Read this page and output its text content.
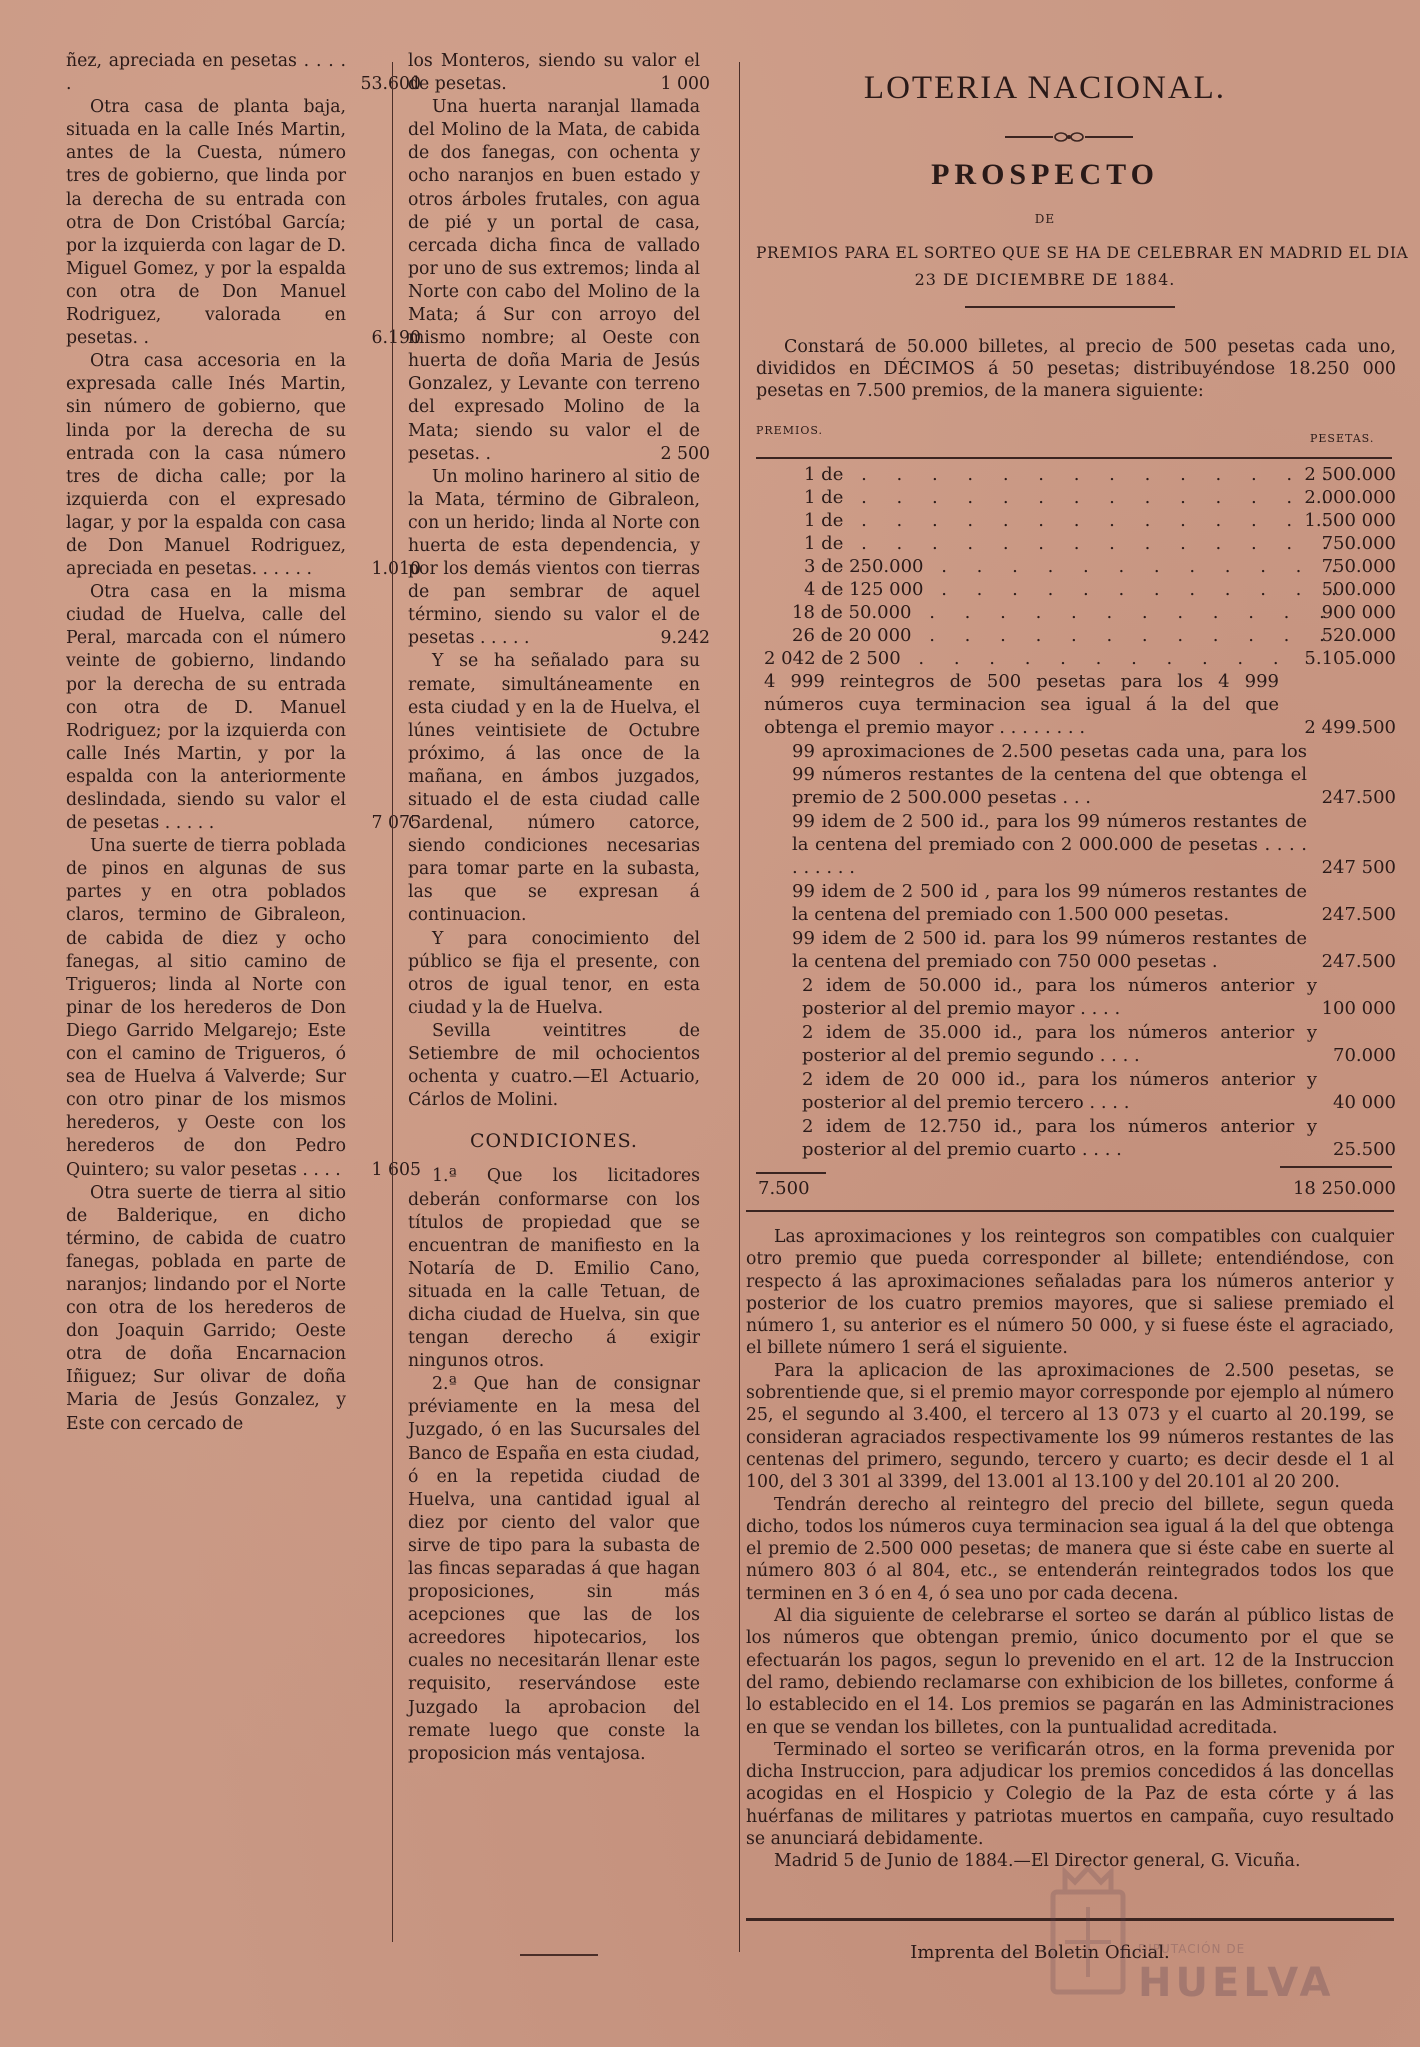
ñez, apreciada en pesetas . . . . .	53.600

Otra casa de planta baja, situada en la calle Inés Martin, antes de la Cuesta, número tres de gobierno, que linda por la derecha de su entrada con otra de Don Cristóbal García; por la izquierda con lagar de D. Miguel Gomez, y por la espalda con otra de Don Manuel Rodriguez, valorada en pesetas. .	6.190

Otra casa accesoria en la expresada calle Inés Martin, sin número de gobierno, que linda por la derecha de su entrada con la casa número tres de dicha calle; por la izquierda con el expresado lagar, y por la espalda con casa de Don Manuel Rodriguez, apreciada en pesetas. . . . . .	1.010

Otra casa en la misma ciudad de Huelva, calle del Peral, marcada con el número veinte de gobierno, lindando por la derecha de su entrada con otra de D. Manuel Rodriguez; por la izquierda con calle Inés Martin, y por la espalda con la anteriormente deslindada, siendo su valor el de pesetas . . . . .	7 075

Una suerte de tierra poblada de pinos en algunas de sus partes y en otra poblados claros, termino de Gibraleon, de cabida de diez y ocho fanegas, al sitio camino de Trigueros; linda al Norte con pinar de los herederos de Don Diego Garrido Melgarejo; Este con el camino de Trigueros, ó sea de Huelva á Valverde; Sur con otro pinar de los mismos herederos, y Oeste con los herederos de don Pedro Quintero; su valor pesetas . . . .	1 605

Otra suerte de tierra al sitio de Balderique, en dicho término, de cabida de cuatro fanegas, poblada en parte de naranjos; lindando por el Norte con otra de los herederos de don Joaquin Garrido; Oeste otra de doña Encarnacion Iñiguez; Sur olivar de doña Maria de Jesús Gonzalez, y Este con cercado de

los Monteros, siendo su valor el de pesetas.	1 000

Una huerta naranjal llamada del Molino de la Mata, de cabida de dos fanegas, con ochenta y ocho naranjos en buen estado y otros árboles frutales, con agua de pié y un portal de casa, cercada dicha finca de vallado por uno de sus extremos; linda al Norte con cabo del Molino de la Mata; á Sur con arroyo del mismo nombre; al Oeste con huerta de doña Maria de Jesús Gonzalez, y Levante con terreno del expresado Molino de la Mata; siendo su valor el de pesetas. .	2 500

Un molino harinero al sitio de la Mata, término de Gibraleon, con un herido; linda al Norte con huerta de esta dependencia, y por los demás vientos con tierras de pan sembrar de aquel término, siendo su valor el de pesetas . . . . .	9.242

Y se ha señalado para su remate, simultáneamente en esta ciudad y en la de Huelva, el lúnes veintisiete de Octubre próximo, á las once de la mañana, en ámbos juzgados, situado el de esta ciudad calle Cardenal, número catorce, siendo condiciones necesarias para tomar parte en la subasta, las que se expresan á continuacion.

Y para conocimiento del público se fija el presente, con otros de igual tenor, en esta ciudad y la de Huelva.

Sevilla veintitres de Setiembre de mil ochocientos ochenta y cuatro.—El Actuario, Cárlos de Molini.

CONDICIONES.

1.ª Que los licitadores deberán conformarse con los títulos de propiedad que se encuentran de manifiesto en la Notaría de D. Emilio Cano, situada en la calle Tetuan, de dicha ciudad de Huelva, sin que tengan derecho á exigir ningunos otros.

2.ª Que han de consignar préviamente en la mesa del Juzgado, ó en las Sucursales del Banco de España en esta ciudad, ó en la repetida ciudad de Huelva, una cantidad igual al diez por ciento del valor que sirve de tipo para la subasta de las fincas separadas á que hagan proposiciones, sin más acepciones que las de los acreedores hipotecarios, los cuales no necesitarán llenar este requisito, reservándose este Juzgado la aprobacion del remate luego que conste la proposicion más ventajosa.

LOTERIA NACIONAL.
PROSPECTO
DE
PREMIOS PARA EL SORTEO QUE SE HA DE CELEBRAR EN MADRID EL DIA
23 DE DICIEMBRE DE 1884.

Constará de 50.000 billetes, al precio de 500 pesetas cada uno, divididos en DÉCIMOS á 50 pesetas; distribuyéndose 18.250 000 pesetas en 7.500 premios, de la manera siguiente:

PREMIOS.
PESETAS.
1 de . . .	2 500.000
1 de . . .	2.000.000
1 de . . .	1.500 000
1 de . . .	750.000
3 de 250.000 . . .	750.000
4 de 125 000 . . .	500.000
18 de 50.000 . . .	900 000
26 de 20 000 . . .	520.000
2 042 de 2 500 . . .	5.105.000
4 999 reintegros de 500 pesetas para los 4 999 números cuya terminacion sea igual á la del que obtenga el premio mayor . . . . . . . .	2 499.500
99 aproximaciones de 2.500 pesetas cada una, para los 99 números restantes de la centena del que obtenga el premio de 2 500.000 pesetas . . .	247.500
99 idem de 2 500 id., para los 99 números restantes de la centena del premiado con 2 000.000 de pesetas . . . . . . . . . .	247 500
99 idem de 2 500 id , para los 99 números restantes de la centena del premiado con 1.500 000 pesetas.	247.500
99 idem de 2 500 id. para los 99 números restantes de la centena del premiado con 750 000 pesetas .	247.500
2 idem de 50.000 id., para los números anterior y posterior al del premio mayor . . . .	100 000
2 idem de 35.000 id., para los números anterior y posterior al del premio segundo . . . .	70.000
2 idem de 20 000 id., para los números anterior y posterior al del premio tercero . . . .	40 000
2 idem de 12.750 id., para los números anterior y posterior al del premio cuarto . . . .	25.500
7.500	18 250.000

Las aproximaciones y los reintegros son compatibles con cualquier otro premio que pueda corresponder al billete; entendiéndose, con respecto á las aproximaciones señaladas para los números anterior y posterior de los cuatro premios mayores, que si saliese premiado el número 1, su anterior es el número 50 000, y si fuese éste el agraciado, el billete número 1 será el siguiente.

Para la aplicacion de las aproximaciones de 2.500 pesetas, se sobrentiende que, si el premio mayor corresponde por ejemplo al número 25, el segundo al 3.400, el tercero al 13 073 y el cuarto al 20.199, se consideran agraciados respectivamente los 99 números restantes de las centenas del primero, segundo, tercero y cuarto; es decir desde el 1 al 100, del 3 301 al 3399, del 13.001 al 13.100 y del 20.101 al 20 200.

Tendrán derecho al reintegro del precio del billete, segun queda dicho, todos los números cuya terminacion sea igual á la del que obtenga el premio de 2.500 000 pesetas; de manera que si éste cabe en suerte al número 803 ó al 804, etc., se entenderán reintegrados todos los que terminen en 3 ó en 4, ó sea uno por cada decena.

Al dia siguiente de celebrarse el sorteo se darán al público listas de los números que obtengan premio, único documento por el que se efectuarán los pagos, segun lo prevenido en el art. 12 de la Instruccion del ramo, debiendo reclamarse con exhibicion de los billetes, conforme á lo establecido en el 14. Los premios se pagarán en las Administraciones en que se vendan los billetes, con la puntualidad acreditada.

Terminado el sorteo se verificarán otros, en la forma prevenida por dicha Instruccion, para adjudicar los premios concedidos á las doncellas acogidas en el Hospicio y Colegio de la Paz de esta córte y á las huérfanas de militares y patriotas muertos en campaña, cuyo resultado se anunciará debidamente.

Madrid 5 de Junio de 1884.—El Director general, G. Vicuña.

Imprenta del Boletin Oficial.
DIPUTACIÓN DE
HUELVA
